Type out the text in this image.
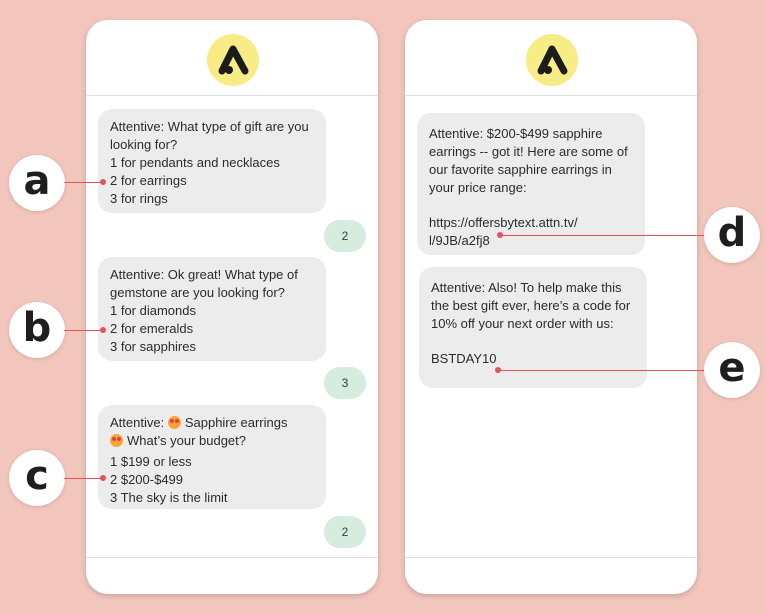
Attentive: What type of gift are you looking for?

1 for pendants and necklaces

2 for earrings

3 for rings

2

Attentive: Ok great! What type of gemstone are you looking for?

1 for diamonds

2 for emeralds

3 for sapphires

3

Attentive: Sapphire earrings

What’s your budget?

1 $199 or less

2 $200-$499

3 The sky is the limit

2

Attentive: $200-$499 sapphire earrings -- got it! Here are some of our favorite sapphire earrings in your price range:

https://offersbytext.attn.tv/ l/9JB/a2fj8

Attentive: Also! To help make this the best gift ever, here’s a code for 10% off your next order with us:

BSTDAY10

a
b
c
d
e
